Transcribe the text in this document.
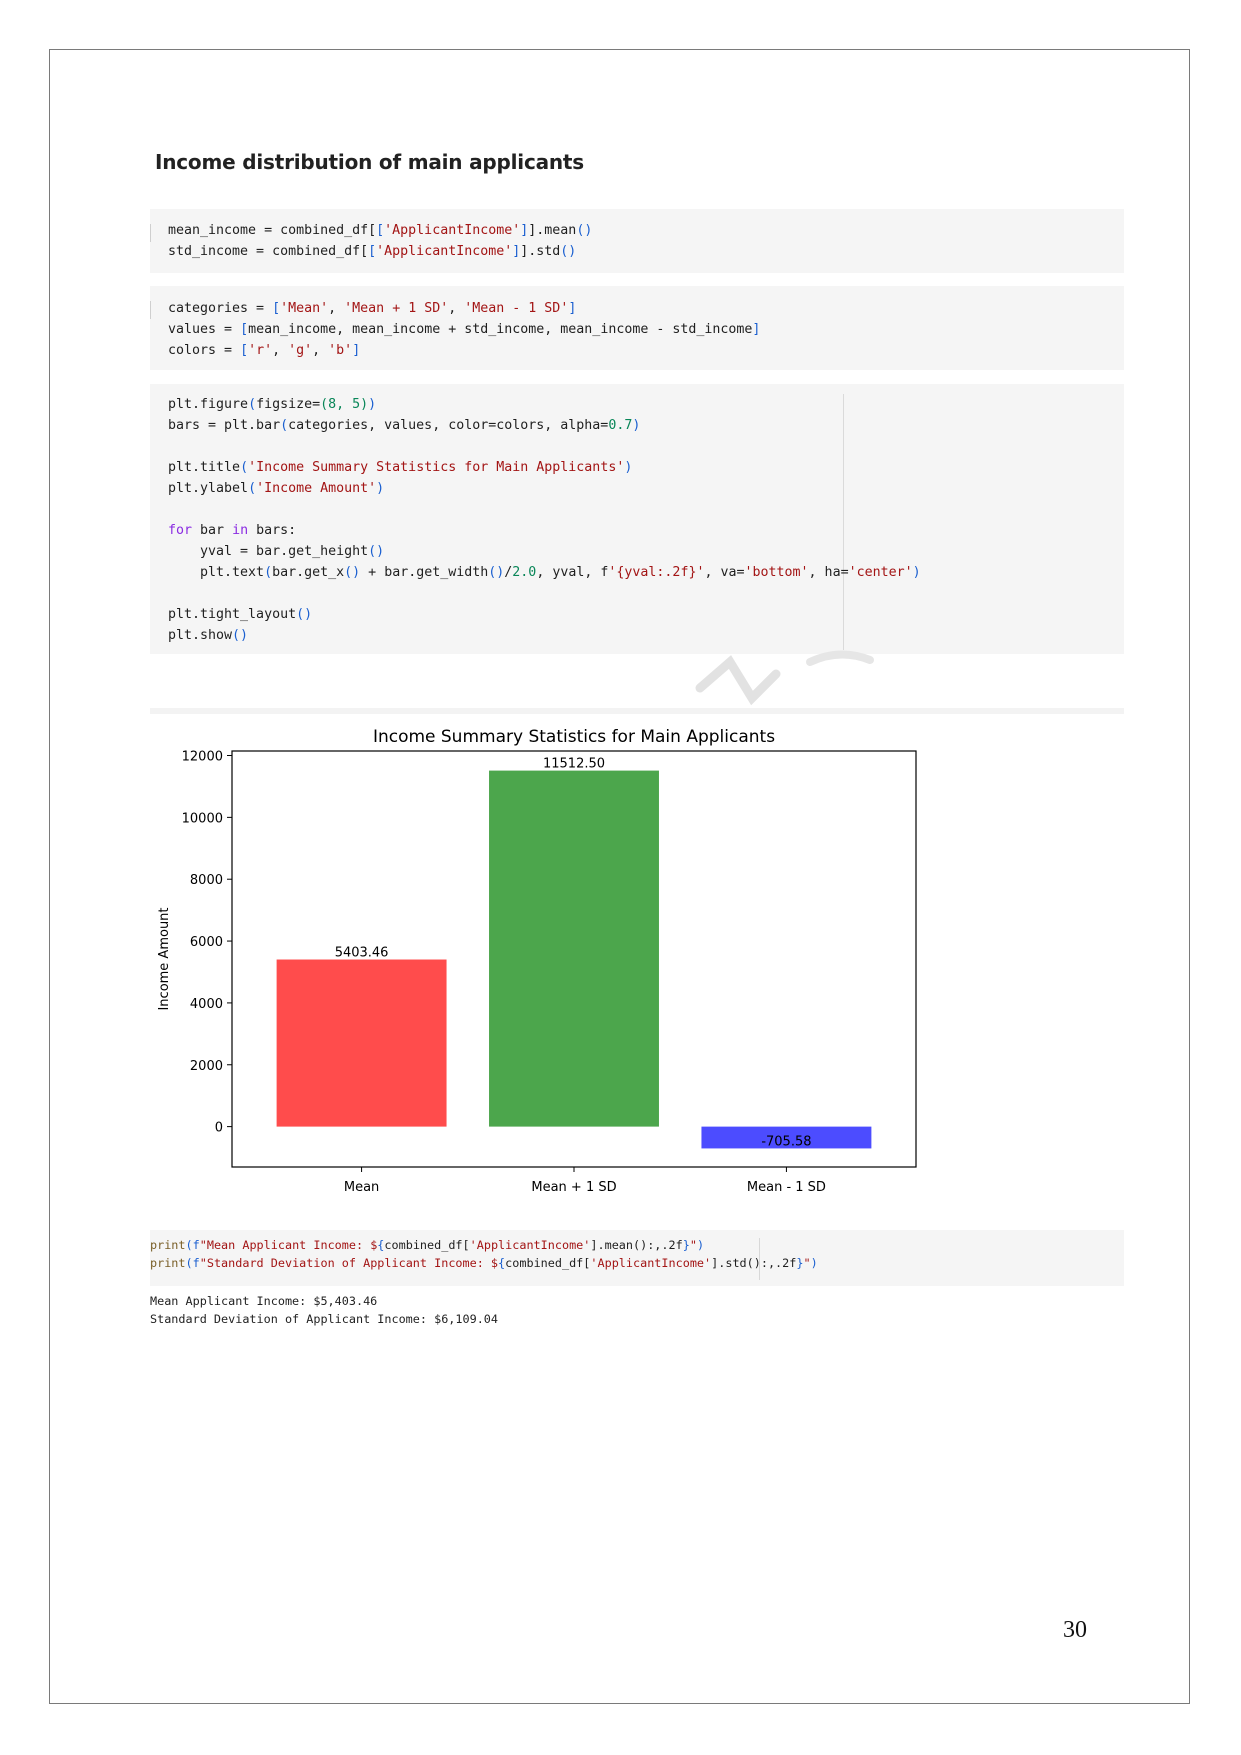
Income distribution of main applicants
mean_income = combined_df[['ApplicantIncome']].mean()
std_income = combined_df[['ApplicantIncome']].std()
categories = ['Mean', 'Mean + 1 SD', 'Mean - 1 SD']
values = [mean_income, mean_income + std_income, mean_income - std_income]
colors = ['r', 'g', 'b']
plt.figure(figsize=(8, 5))
bars = plt.bar(categories, values, color=colors, alpha=0.7)

plt.title('Income Summary Statistics for Main Applicants')
plt.ylabel('Income Amount')

for bar in bars:
yval = bar.get_height()
plt.text(bar.get_x() + bar.get_width()/2.0, yval, f'{yval:.2f}', va='bottom', ha='center')

plt.tight_layout()
plt.show()
Income Summary Statistics for Main Applicants
5403.46
Mean
11512.50
Mean + 1 SD
-705.58
Mean - 1 SD
0
2000
4000
6000
8000
10000
12000
Income Amount
print(f"Mean Applicant Income: ${combined_df['ApplicantIncome'].mean():,.2f}")
print(f"Standard Deviation of Applicant Income: ${combined_df['ApplicantIncome'].std():,.2f}")
Mean Applicant Income: $5,403.46
Standard Deviation of Applicant Income: $6,109.04
30
